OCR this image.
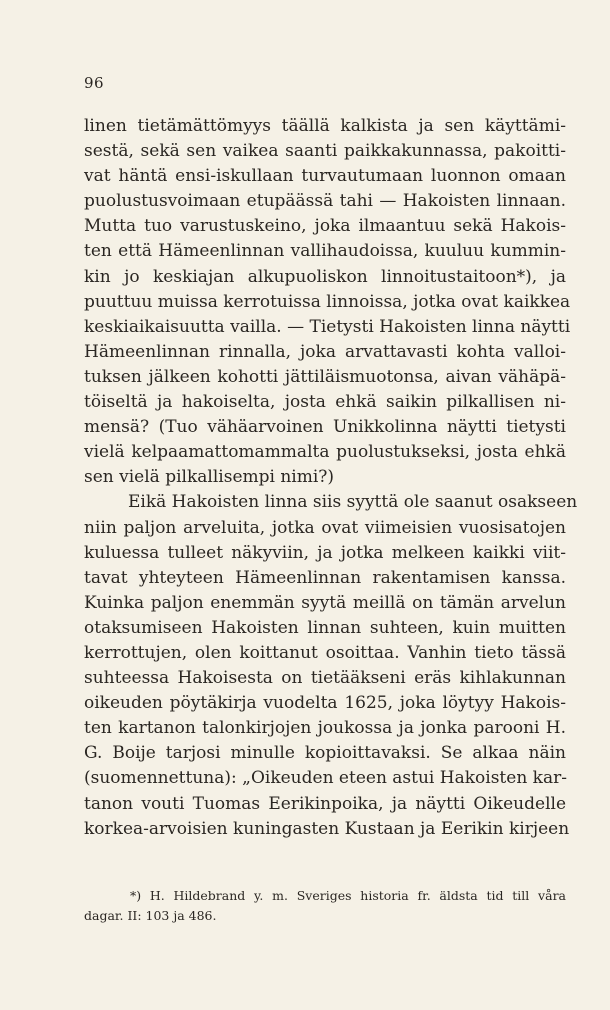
96
linen tietämättömyys täällä kalkista ja sen käyttämi-
sestä, sekä sen vaikea saanti paikkakunnassa, pakoitti-
vat häntä ensi-iskullaan turvautumaan luonnon omaan
puolustusvoimaan etupäässä tahi — Hakoisten linnaan.
Mutta tuo varustuskeino, joka ilmaantuu sekä Hakois-
ten että Hämeenlinnan vallihaudoissa, kuuluu kummin-
kin jo keskiajan alkupuoliskon linnoitustaitoon*), ja
puuttuu muissa kerrotuissa linnoissa, jotka ovat kaikkea
keskiaikaisuutta vailla. — Tietysti Hakoisten linna näytti
Hämeenlinnan rinnalla, joka arvattavasti kohta valloi-
tuksen jälkeen kohotti jättiläismuotonsa, aivan vähäpä-
töiseltä ja hakoiselta, josta ehkä saikin pilkallisen ni-
mensä? (Tuo vähäarvoinen Unikkolinna näytti tietysti
vielä kelpaamattomammalta puolustukseksi, josta ehkä
sen vielä pilkallisempi nimi?)
Eikä Hakoisten linna siis syyttä ole saanut osakseen
niin paljon arveluita, jotka ovat viimeisien vuosisatojen
kuluessa tulleet näkyviin, ja jotka melkeen kaikki viit-
tavat yhteyteen Hämeenlinnan rakentamisen kanssa.
Kuinka paljon enemmän syytä meillä on tämän arvelun
otaksumiseen Hakoisten linnan suhteen, kuin muitten
kerrottujen, olen koittanut osoittaa. Vanhin tieto tässä
suhteessa Hakoisesta on tietääkseni eräs kihlakunnan
oikeuden pöytäkirja vuodelta 1625, joka löytyy Hakois-
ten kartanon talonkirjojen joukossa ja jonka parooni H.
G. Boije tarjosi minulle kopioittavaksi. Se alkaa näin
(suomennettuna): „Oikeuden eteen astui Hakoisten kar-
tanon vouti Tuomas Eerikinpoika, ja näytti Oikeudelle
korkea-arvoisien kuningasten Kustaan ja Eerikin kirjeen
*) H. Hildebrand y. m. Sveriges historia fr. äldsta tid till våra
dagar. II: 103 ja 486.
